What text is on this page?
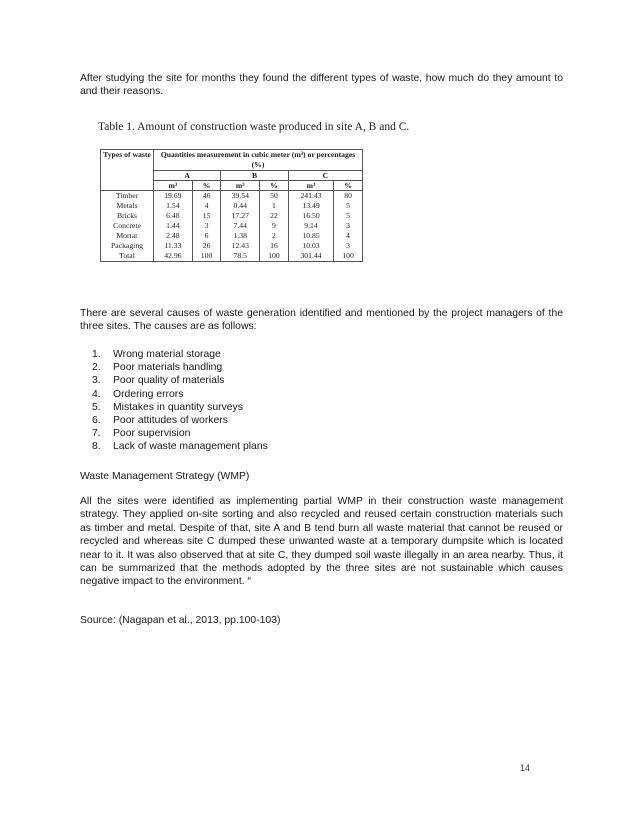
After studying the site for months they found the different types of waste, how much do they amount to and their reasons.

Table 1. Amount of construction waste produced in site A, B and C.

Types of waste	Quantities measurement in cubic meter (m³) or percentages (%)					
	A		B		C	
	m³	%	m³	%	m³	%
Timber	19.69	46	39.54	50	241.43	80
Metals	1.54	4	0.44	1	13.49	5
Bricks	6.48	15	17.27	22	16.50	5
Concrete	1.44	3	7.44	9	9.14	3
Mortar	2.48	6	1.38	2	10.85	4
Packaging	11.33	26	12.43	16	10.03	3
Total	42.96	100	78.5	100	301.44	100

There are several causes of waste generation identified and mentioned by the project managers of the three sites. The causes are as follows:

1. Wrong material storage
2. Poor materials handling
3. Poor quality of materials
4. Ordering errors
5. Mistakes in quantity surveys
6. Poor attitudes of workers
7. Poor supervision
8. Lack of waste management plans

Waste Management Strategy (WMP)

All the sites were identified as implementing partial WMP in their construction waste management strategy. They applied on-site sorting and also recycled and reused certain construction materials such as timber and metal. Despite of that, site A and B tend burn all waste material that cannot be reused or recycled and whereas site C dumped these unwanted waste at a temporary dumpsite which is located near to it. It was also observed that at site C, they dumped soil waste illegally in an area nearby. Thus, it can be summarized that the methods adopted by the three sites are not sustainable which causes negative impact to the environment. “

Source: (Nagapan et al., 2013, pp.100-103)

14
